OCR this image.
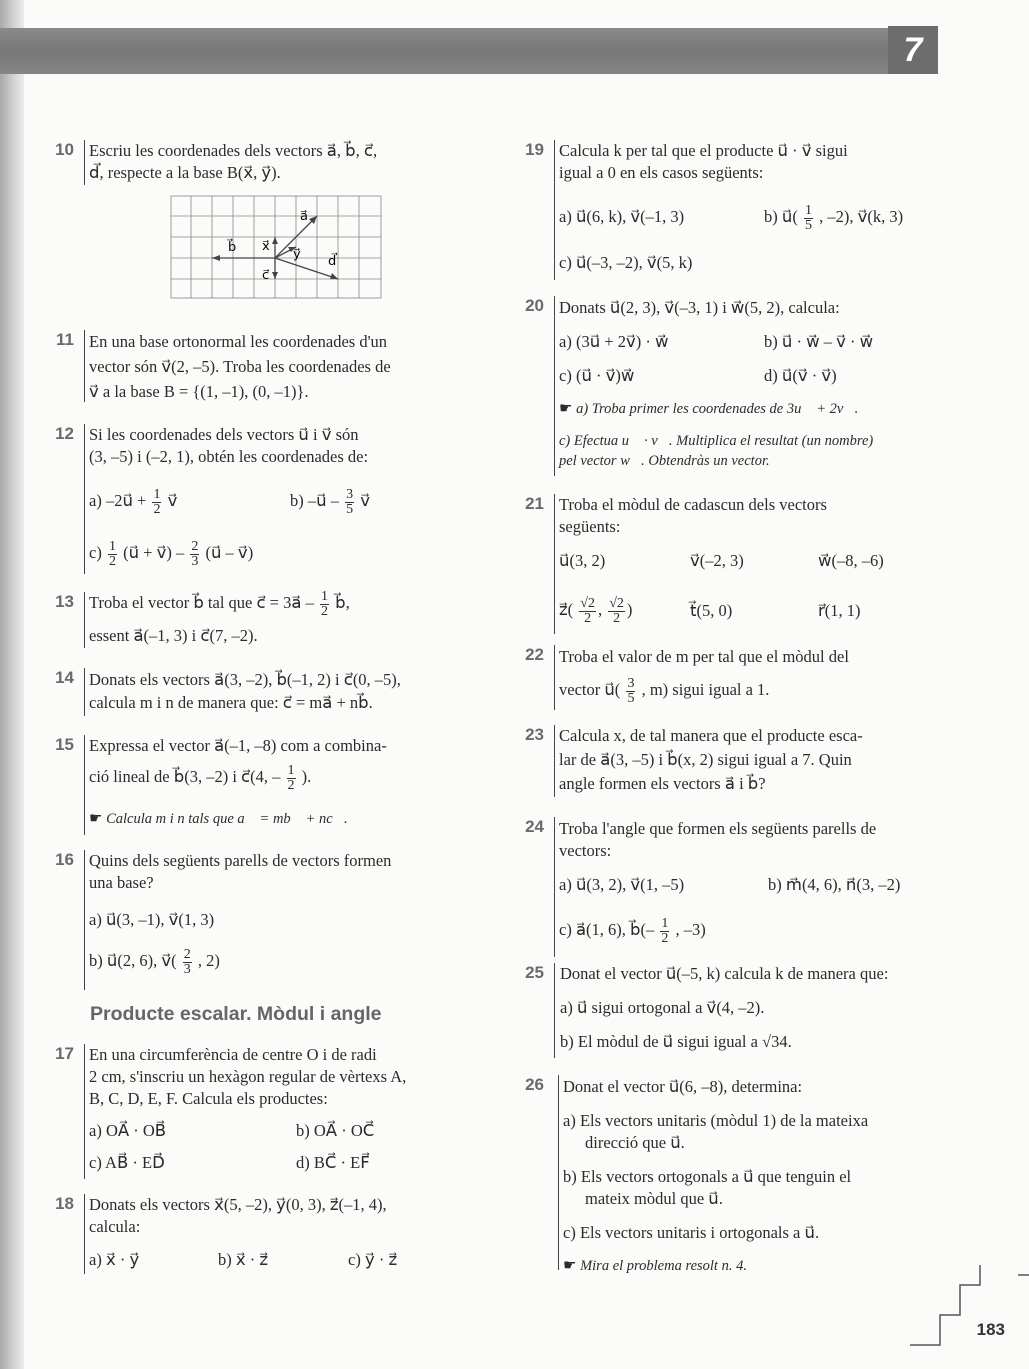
7
10 Escriu les coordenades dels vectors a⃗, b⃗, c⃗,
d⃗, respecte a la base B(x⃗, y⃗).
a⃗
b⃗
c⃗
d⃗
x⃗
y⃗
11 En una base ortonormal les coordenades d'un
vector són v⃗(2, –5). Troba les coordenades de
v⃗ a la base B = {(1, –1), (0, –1)}.
12 Si les coordenades dels vectors u⃗ i v⃗ són
(3, –5) i (–2, 1), obtén les coordenades de:
a) –2u⃗ + $\frac{1}{2}$ v⃗	b) –u⃗ – $\frac{3}{5}$ v⃗
$c) \frac{1}{2}$ (u⃗ + v⃗) – $\frac{2}{3}$ (u⃗ – v⃗)
13 Troba el vector b⃗ tal que c⃗ = 3a⃗ – $\frac{1}{2}$ b⃗,
essent a⃗(–1, 3) i c⃗(7, –2).
14 Donats els vectors a⃗(3, –2), b⃗(–1, 2) i c⃗(0, –5),
calcula m i n de manera que: c⃗ = ma⃗ + nb⃗.
15 Expressa el vector a⃗(–1, –8) com a combina-
ció lineal de b⃗(3, –2) i c⃗(4, – $\frac{1}{2}$ ).
☛ Calcula m i n tals que a⃗ = mb⃗ + nc⃗.
16 Quins dels següents parells de vectors formen
una base?
a) u⃗(3, –1), v⃗(1, 3)
b) u⃗(2, 6), v⃗( $\frac{2}{3}$ , 2)
Producte escalar. Mòdul i angle
17 En una circumferència de centre O i de radi
2 cm, s'inscriu un hexàgon regular de vèrtexs A,
B, C, D, E, F. Calcula els productes:
a) OA⃗ · OB⃗	b) OA⃗ · OC⃗
c) AB⃗ · ED⃗	d) BC⃗ · EF⃗
18 Donats els vectors x⃗(5, –2), y⃗(0, 3), z⃗(–1, 4),
calcula:
a) x⃗ · y⃗	b) x⃗ · z⃗	c) y⃗ · z⃗
19 Calcula k per tal que el producte u⃗ · v⃗ sigui
igual a 0 en els casos següents:
a) u⃗(6, k), v⃗(–1, 3)	b) u⃗( $\frac{1}{5}$ , –2), v⃗(k, 3)
c) u⃗(–3, –2), v⃗(5, k)
20 Donats u⃗(2, 3), v⃗(–3, 1) i w⃗(5, 2), calcula:
a) (3u⃗ + 2v⃗) · w⃗	b) u⃗ · w⃗ – v⃗ · w⃗
c) (u⃗ · v⃗)w⃗	d) u⃗(v⃗ · v⃗)
☛ a) Troba primer les coordenades de 3u⃗ + 2v⃗.
c) Efectua u⃗ · v⃗. Multiplica el resultat (un nombre)
pel vector w⃗. Obtendràs un vector.
21 Troba el mòdul de cadascun dels vectors
següents:
u⃗(3, 2)	v⃗(–2, 3)	w⃗(–8, –6)
z⃗( $\frac{√2}{2}$ , $\frac{√2}{2}$ )	t⃗(5, 0)	r⃗(1, 1)
22 Troba el valor de m per tal que el mòdul del
vector u⃗( $\frac{3}{5}$ , m) sigui igual a 1.
23 Calcula x, de tal manera que el producte esca-
lar de a⃗(3, –5) i b⃗(x, 2) sigui igual a 7. Quin
angle formen els vectors a⃗ i b⃗?
24 Troba l'angle que formen els següents parells de
vectors:
a) u⃗(3, 2), v⃗(1, –5)	b) m⃗(4, 6), n⃗(3, –2)
c) a⃗(1, 6), b⃗(– $\frac{1}{2}$ , –3)
25 Donat el vector u⃗(–5, k) calcula k de manera que:
a) u⃗ sigui ortogonal a v⃗(4, –2).
b) El mòdul de u⃗ sigui igual a √34.
26 Donat el vector u⃗(6, –8), determina:
a) Els vectors unitaris (mòdul 1) de la mateixa
direcció que u⃗.
b) Els vectors ortogonals a u⃗ que tenguin el
mateix mòdul que u⃗.
c) Els vectors unitaris i ortogonals a u⃗.
☛ Mira el problema resolt n. 4.
183
